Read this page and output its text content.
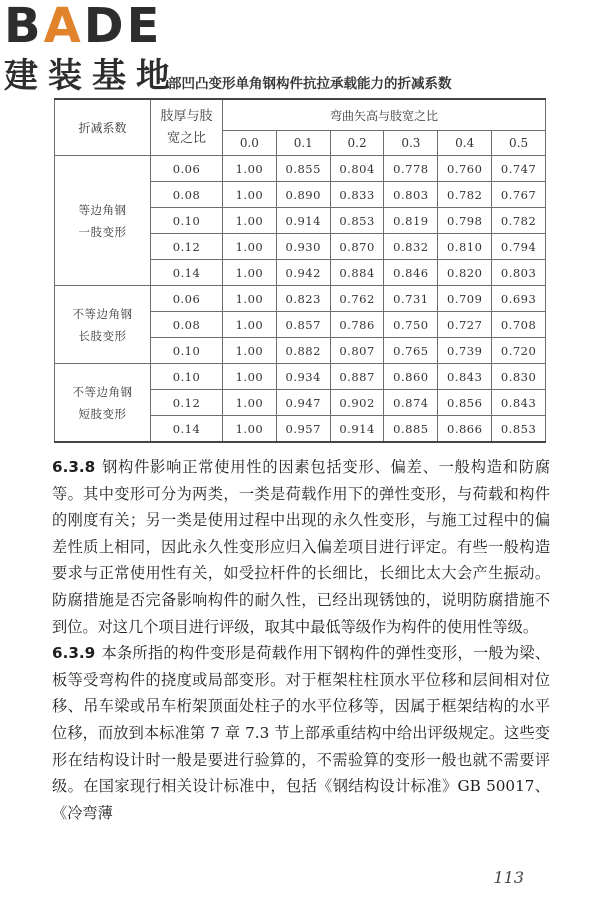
BADE
建装基地
部凹凸变形单角钢构件抗拉承载能力的折减系数
折减系数	肢厚与肢
宽之比	弯曲矢高与肢宽之比					
		0.0	0.1	0.2	0.3	0.4	0.5
等边角钢
一肢变形	0.06	1.00	0.855	0.804	0.778	0.760	0.747
	0.08	1.00	0.890	0.833	0.803	0.782	0.767
	0.10	1.00	0.914	0.853	0.819	0.798	0.782
	0.12	1.00	0.930	0.870	0.832	0.810	0.794
	0.14	1.00	0.942	0.884	0.846	0.820	0.803
不等边角钢
长肢变形	0.06	1.00	0.823	0.762	0.731	0.709	0.693
	0.08	1.00	0.857	0.786	0.750	0.727	0.708
	0.10	1.00	0.882	0.807	0.765	0.739	0.720
不等边角钢
短肢变形	0.10	1.00	0.934	0.887	0.860	0.843	0.830
	0.12	1.00	0.947	0.902	0.874	0.856	0.843
	0.14	1.00	0.957	0.914	0.885	0.866	0.853

6.3.8 钢构件影响正常使用性的因素包括变形、偏差、一般构造和防腐等。其中变形可分为两类，一类是荷载作用下的弹性变形，与荷载和构件的刚度有关；另一类是使用过程中出现的永久性变形，与施工过程中的偏差性质上相同，因此永久性变形应归入偏差项目进行评定。有些一般构造要求与正常使用性有关，如受拉杆件的长细比，长细比太大会产生振动。防腐措施是否完备影响构件的耐久性，已经出现锈蚀的，说明防腐措施不到位。对这几个项目进行评级，取其中最低等级作为构件的使用性等级。

6.3.9 本条所指的构件变形是荷载作用下钢构件的弹性变形，一般为梁、板等受弯构件的挠度或局部变形。对于框架柱柱顶水平位移和层间相对位移、吊车梁或吊车桁架顶面处柱子的水平位移等，因属于框架结构的水平位移，而放到本标准第 7 章 7.3 节上部承重结构中给出评级规定。这些变形在结构设计时一般是要进行验算的，不需验算的变形一般也就不需要评级。在国家现行相关设计标准中，包括《钢结构设计标准》GB 50017、《冷弯薄

113
